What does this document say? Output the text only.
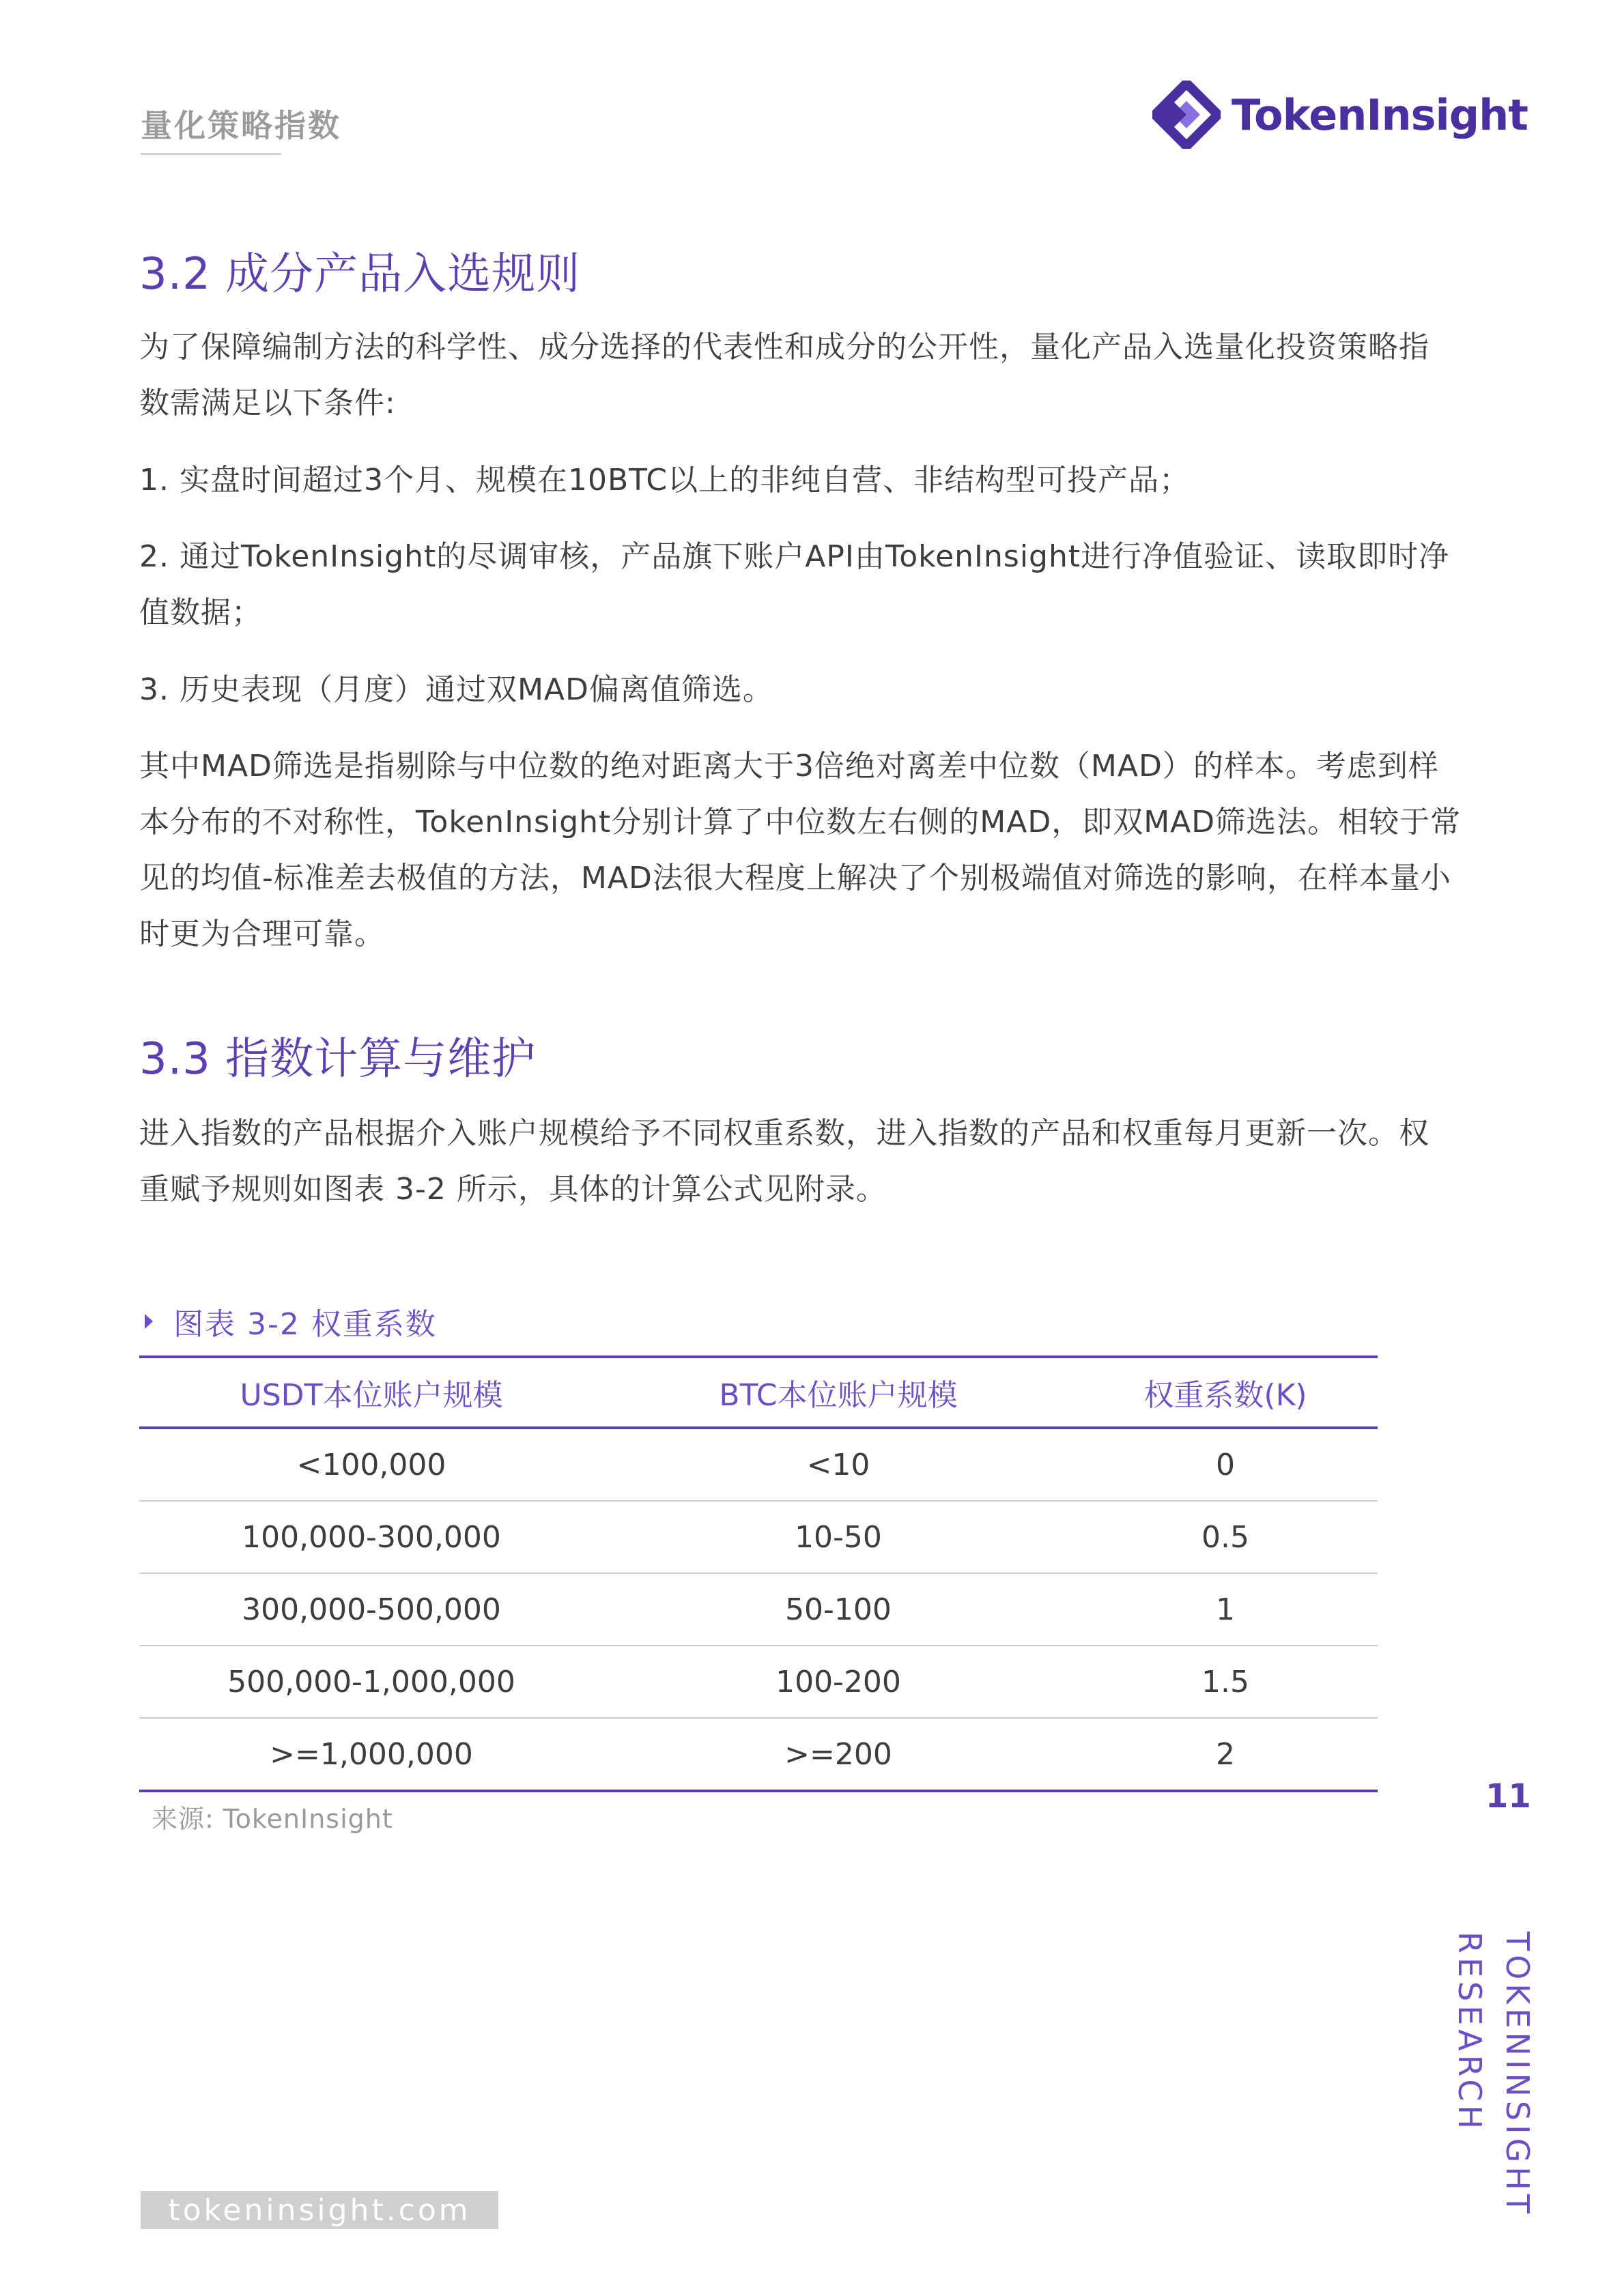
量化策略指数	TokenInsight
3.2 成分产品入选规则
为了保障编制方法的科学性、成分选择的代表性和成分的公开性，量化产品入选量化投资策略指
数需满足以下条件:
1. 实盘时间超过3个月、规模在10BTC以上的非纯自营、非结构型可投产品；
2. 通过TokenInsight的尽调审核，产品旗下账户API由TokenInsight进行净值验证、读取即时净
值数据；
3. 历史表现（月度）通过双MAD偏离值筛选。
其中MAD筛选是指剔除与中位数的绝对距离大于3倍绝对离差中位数（MAD）的样本。考虑到样
本分布的不对称性，TokenInsight分别计算了中位数左右侧的MAD，即双MAD筛选法。相较于常
见的均值-标准差去极值的方法，MAD法很大程度上解决了个别极端值对筛选的影响，在样本量小
时更为合理可靠。
3.3 指数计算与维护
进入指数的产品根据介入账户规模给予不同权重系数，进入指数的产品和权重每月更新一次。权
重赋予规则如图表 3-2 所示，具体的计算公式见附录。
图表 3-2 权重系数
USDT本位账户规模	BTC本位账户规模	权重系数(K)
<100,000	<10	0
100,000-300,000	10-50	0.5
300,000-500,000	50-100	1
500,000-1,000,000	100-200	1.5
>=1,000,000	>=200	2
来源: TokenInsight
11
TOKENINSIGHT
RESEARCH
tokeninsight.com
